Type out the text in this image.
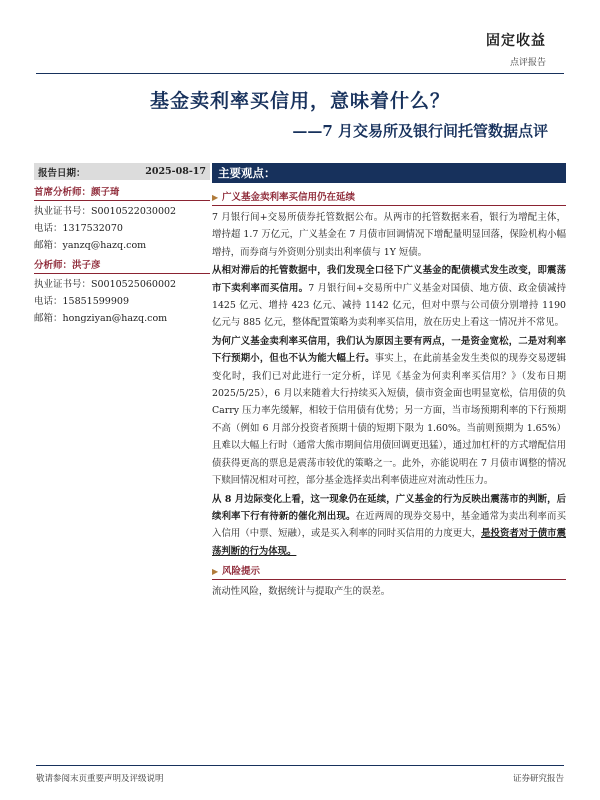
固定收益
点评报告
基金卖利率买信用，意味着什么？
——7 月交易所及银行间托管数据点评
报告日期：	2025-08-17
首席分析师：颜子琦
执业证书号：S0010522030002
电话：13175320​70
邮箱：yanzq@hazq.com
分析师：洪子彦
执业证书号：S0010525060002
电话：15851599909
邮箱：hongziyan@hazq.com
主要观点：
▶ 广义基金卖利率买信用仍在延续

7 月银行间+交易所债券托管数据公布。从两市的托管数据来看，银行为增配主体，增持超 1.7 万亿元，广义基金在 7 月债市回调情况下增配量明显回落，保险机构小幅增持，而券商与外资则分别卖出利率债与 1Y 短债。

从相对滞后的托管数据中，我们发现全口径下广义基金的配债模式发生改变，即震荡市下卖利率而买信用。7 月银行间+交易所中广义基金对国债、地方债、政金债减持 1425 亿元、增持 423 亿元、减持 1142 亿元，但对中票与公司债分别增持 1190 亿元与 885 亿元，整体配置策略为卖利率买信用，放在历史上看这一情况并不常见。

为何广义基金卖利率买信用，我们认为原因主要有两点，一是资金宽松，二是对利率下行预期小，但也不认为能大幅上行。事实上，在此前基金发生类似的现券交易逻辑变化时，我们已对此进行一定分析，详见《基金为何卖利率买信用？》（发布日期 2025/5/25），6 月以来随着大行持续买入短债，债市资金面也明显宽松，信用债的负 Carry 压力率先缓解，相较于信用债有优势；另一方面，当市场预期利率的下行预期不高（例如 6 月部分投资者预期十债的短期下限为 1.60%。当前则预期为 1.65%）且难以大幅上行时（通常大熊市期间信用债回调更迅猛），通过加杠杆的方式增配信用债获得更高的票息是震荡市较优的策略之一。此外，亦能说明在 7 月债市调整的情况下赎回情况相对可控，部分基金选择卖出利率债进应对流动性压力。

从 8 月边际变化上看，这一现象仍在延续，广义基金的行为反映出震荡市的判断，后续利率下行有待新的催化剂出现。在近两周的现券交易中，基金通常为卖出利率而买入信用（中票、短融），或是买入利率的同时买信用的力度更大，是投资者对于债市震荡判断的行为体现。

▶ 风险提示

流动性风险，数据统计与提取产生的误差。

敬请参阅末页重要声明及评级说明	证券研究报告
